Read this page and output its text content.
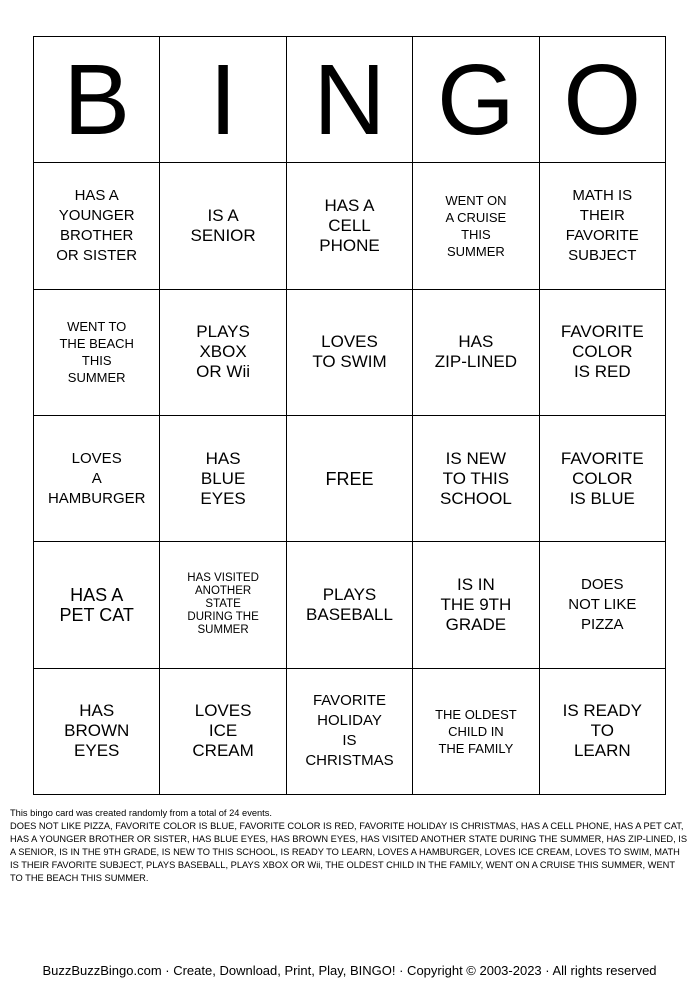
B I N G O
HAS A
YOUNGER
BROTHER
OR SISTER
IS A
SENIOR
HAS A
CELL
PHONE
WENT ON
A CRUISE
THIS
SUMMER
MATH IS
THEIR
FAVORITE
SUBJECT
WENT TO
THE BEACH
THIS
SUMMER
PLAYS
XBOX
OR Wii
LOVES
TO SWIM
HAS
ZIP-LINED
FAVORITE
COLOR
IS RED
LOVES
A
HAMBURGER
HAS
BLUE
EYES
FREE
IS NEW
TO THIS
SCHOOL
FAVORITE
COLOR
IS BLUE
HAS A
PET CAT
HAS VISITED
ANOTHER
STATE
DURING THE
SUMMER
PLAYS
BASEBALL
IS IN
THE 9TH
GRADE
DOES
NOT LIKE
PIZZA
HAS
BROWN
EYES
LOVES
ICE
CREAM
FAVORITE
HOLIDAY
IS
CHRISTMAS
THE OLDEST
CHILD IN
THE FAMILY
IS READY
TO
LEARN

This bingo card was created randomly from a total of 24 events.

DOES NOT LIKE PIZZA, FAVORITE COLOR IS BLUE, FAVORITE COLOR IS RED, FAVORITE HOLIDAY IS CHRISTMAS, HAS A CELL PHONE, HAS A PET CAT, HAS A YOUNGER BROTHER OR SISTER, HAS BLUE EYES, HAS BROWN EYES, HAS VISITED ANOTHER STATE DURING THE SUMMER, HAS ZIP-LINED, IS A SENIOR, IS IN THE 9TH GRADE, IS NEW TO THIS SCHOOL, IS READY TO LEARN, LOVES A HAMBURGER, LOVES ICE CREAM, LOVES TO SWIM, MATH IS THEIR FAVORITE SUBJECT, PLAYS BASEBALL, PLAYS XBOX OR Wii, THE OLDEST CHILD IN THE FAMILY, WENT ON A CRUISE THIS SUMMER, WENT TO THE BEACH THIS SUMMER.

BuzzBuzzBingo.com · Create, Download, Print, Play, BINGO! · Copyright © 2003-2023 · All rights reserved
